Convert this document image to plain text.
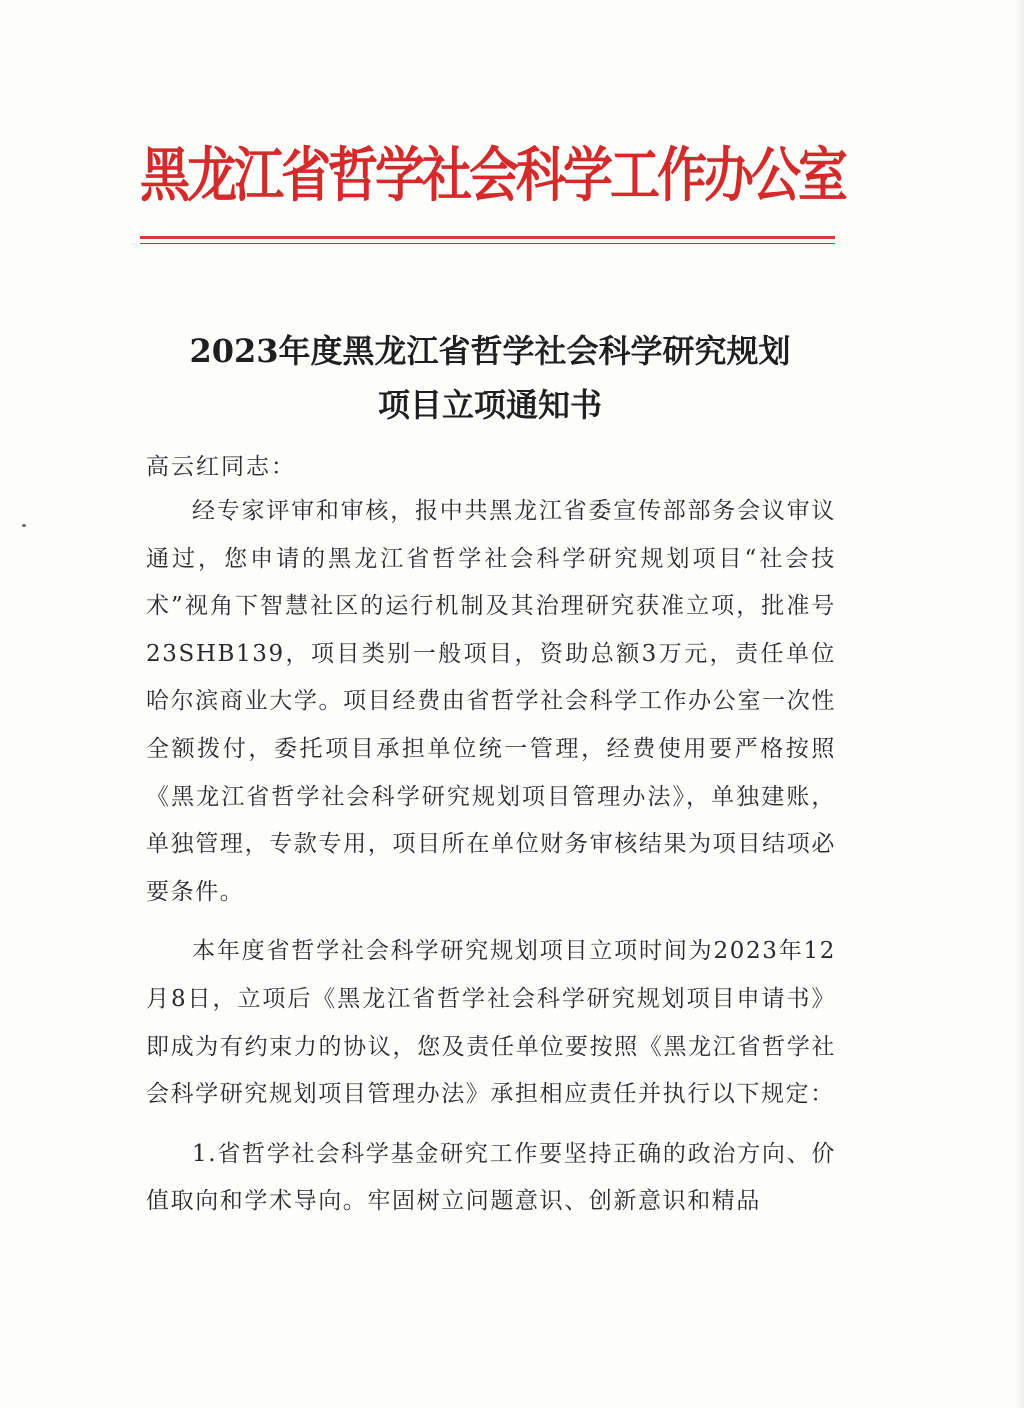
黑龙江省哲学社会科学工作办公室
2023年度黑龙江省哲学社会科学研究规划
项目立项通知书
高云红同志：

经专家评审和审核，报中共黑龙江省委宣传部部务会议审议通过，您申请的黑龙江省哲学社会科学研究规划项目“社会技术”视角下智慧社区的运行机制及其治理研究获准立项，批准号23SHB139，项目类别一般项目，资助总额3万元，责任单位哈尔滨商业大学。项目经费由省哲学社会科学工作办公室一次性全额拨付，委托项目承担单位统一管理，经费使用要严格按照《黑龙江省哲学社会科学研究规划项目管理办法》，单独建账，单独管理，专款专用，项目所在单位财务审核结果为项目结项必要条件。

本年度省哲学社会科学研究规划项目立项时间为2023年12月8日，立项后《黑龙江省哲学社会科学研究规划项目申请书》即成为有约束力的协议，您及责任单位要按照《黑龙江省哲学社会科学研究规划项目管理办法》承担相应责任并执行以下规定：

1.省哲学社会科学基金研究工作要坚持正确的政治方向、价值取向和学术导向。牢固树立问题意识、创新意识和精品
